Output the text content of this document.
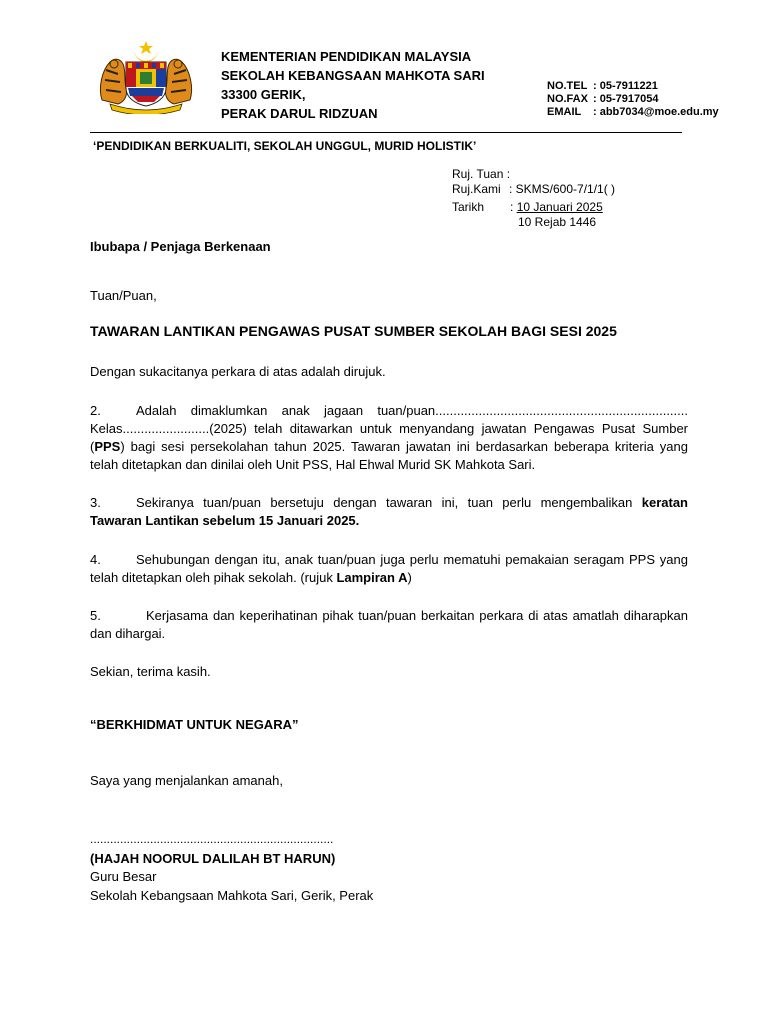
KEMENTERIAN PENDIDIKAN MALAYSIA
SEKOLAH KEBANGSAAN MAHKOTA SARI
33300 GERIK,
PERAK DARUL RIDZUAN
NO.TEL : 05-7911221
NO.FAX : 05-7917054
EMAIL : abb7034@moe.edu.my
‘PENDIDIKAN BERKUALITI, SEKOLAH UNGGUL, MURID HOLISTIK’
Ruj. Tuan :
Ruj.Kami : SKMS/600-7/1/1( )
Tarikh : 10 Januari 2025
10 Rejab 1446
Ibubapa / Penjaga Berkenaan
Tuan/Puan,
TAWARAN LANTIKAN PENGAWAS PUSAT SUMBER SEKOLAH BAGI SESI 2025
Dengan sukacitanya perkara di atas adalah dirujuk.
2.	Adalah dimaklumkan anak jagaan tuan/puan...................................................................... Kelas........................(2025) telah ditawarkan untuk menyandang jawatan Pengawas Pusat Sumber (PPS) bagi sesi persekolahan tahun 2025. Tawaran jawatan ini berdasarkan beberapa kriteria yang telah ditetapkan dan dinilai oleh Unit PSS, Hal Ehwal Murid SK Mahkota Sari.
3.	Sekiranya tuan/puan bersetuju dengan tawaran ini, tuan perlu mengembalikan keratan Tawaran Lantikan sebelum 15 Januari 2025.
4.	Sehubungan dengan itu, anak tuan/puan juga perlu mematuhi pemakaian seragam PPS yang telah ditetapkan oleh pihak sekolah. (rujuk Lampiran A)
5.	Kerjasama dan keperihatinan pihak tuan/puan berkaitan perkara di atas amatlah diharapkan dan dihargai.
Sekian, terima kasih.
“BERKHIDMAT UNTUK NEGARA”
Saya yang menjalankan amanah,
.........................................................................
(HAJAH NOORUL DALILAH BT HARUN)
Guru Besar
Sekolah Kebangsaan Mahkota Sari, Gerik, Perak
